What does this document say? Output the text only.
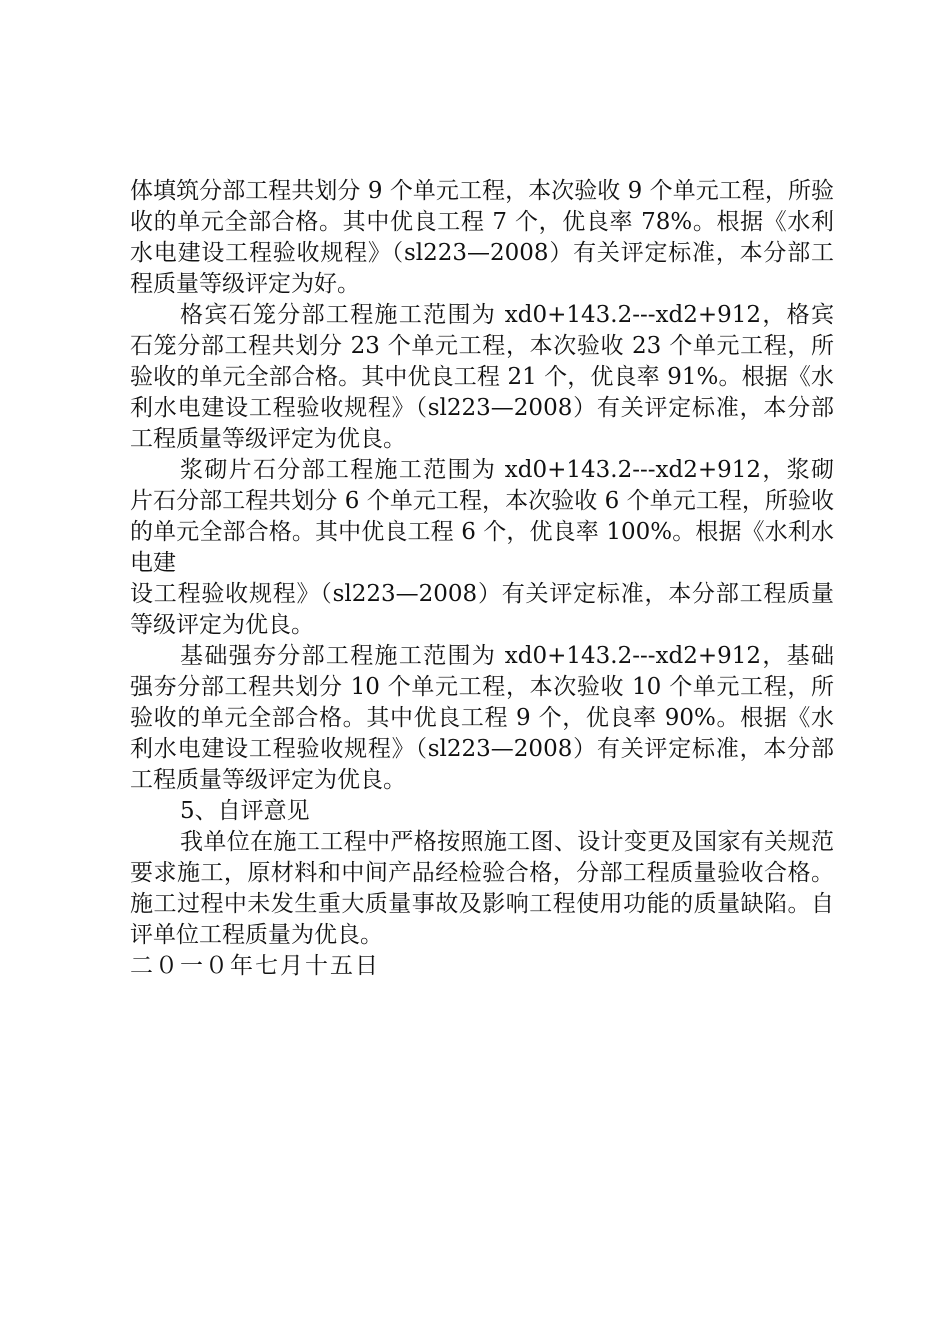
体填筑分部工程共划分 9 个单元工程，本次验收 9 个单元工程，所验收的单元全部合格。其中优良工程 7 个，优良率 78%。根据《水利水电建设工程验收规程》（sl223—2008）有关评定标准，本分部工程质量等级评定为好。

格宾石笼分部工程施工范围为 xd0+143.2---xd2+912，格宾石笼分部工程共划分 23 个单元工程，本次验收 23 个单元工程，所验收的单元全部合格。其中优良工程 21 个，优良率 91%。根据《水利水电建设工程验收规程》（sl223—2008）有关评定标准，本分部工程质量等级评定为优良。

浆砌片石分部工程施工范围为 xd0+143.2---xd2+912，浆砌片石分部工程共划分 6 个单元工程，本次验收 6 个单元工程，所验收的单元全部合格。其中优良工程 6 个，优良率 100%。根据《水利水电建

设工程验收规程》（sl223—2008）有关评定标准，本分部工程质量等级评定为优良。

基础强夯分部工程施工范围为 xd0+143.2---xd2+912，基础强夯分部工程共划分 10 个单元工程，本次验收 10 个单元工程，所验收的单元全部合格。其中优良工程 9 个，优良率 90%。根据《水利水电建设工程验收规程》（sl223—2008）有关评定标准，本分部工程质量等级评定为优良。

5、自评意见

我单位在施工工程中严格按照施工图、设计变更及国家有关规范要求施工，原材料和中间产品经检验合格，分部工程质量验收合格。施工过程中未发生重大质量事故及影响工程使用功能的质量缺陷。自评单位工程质量为优良。

二０一０年七月十五日
